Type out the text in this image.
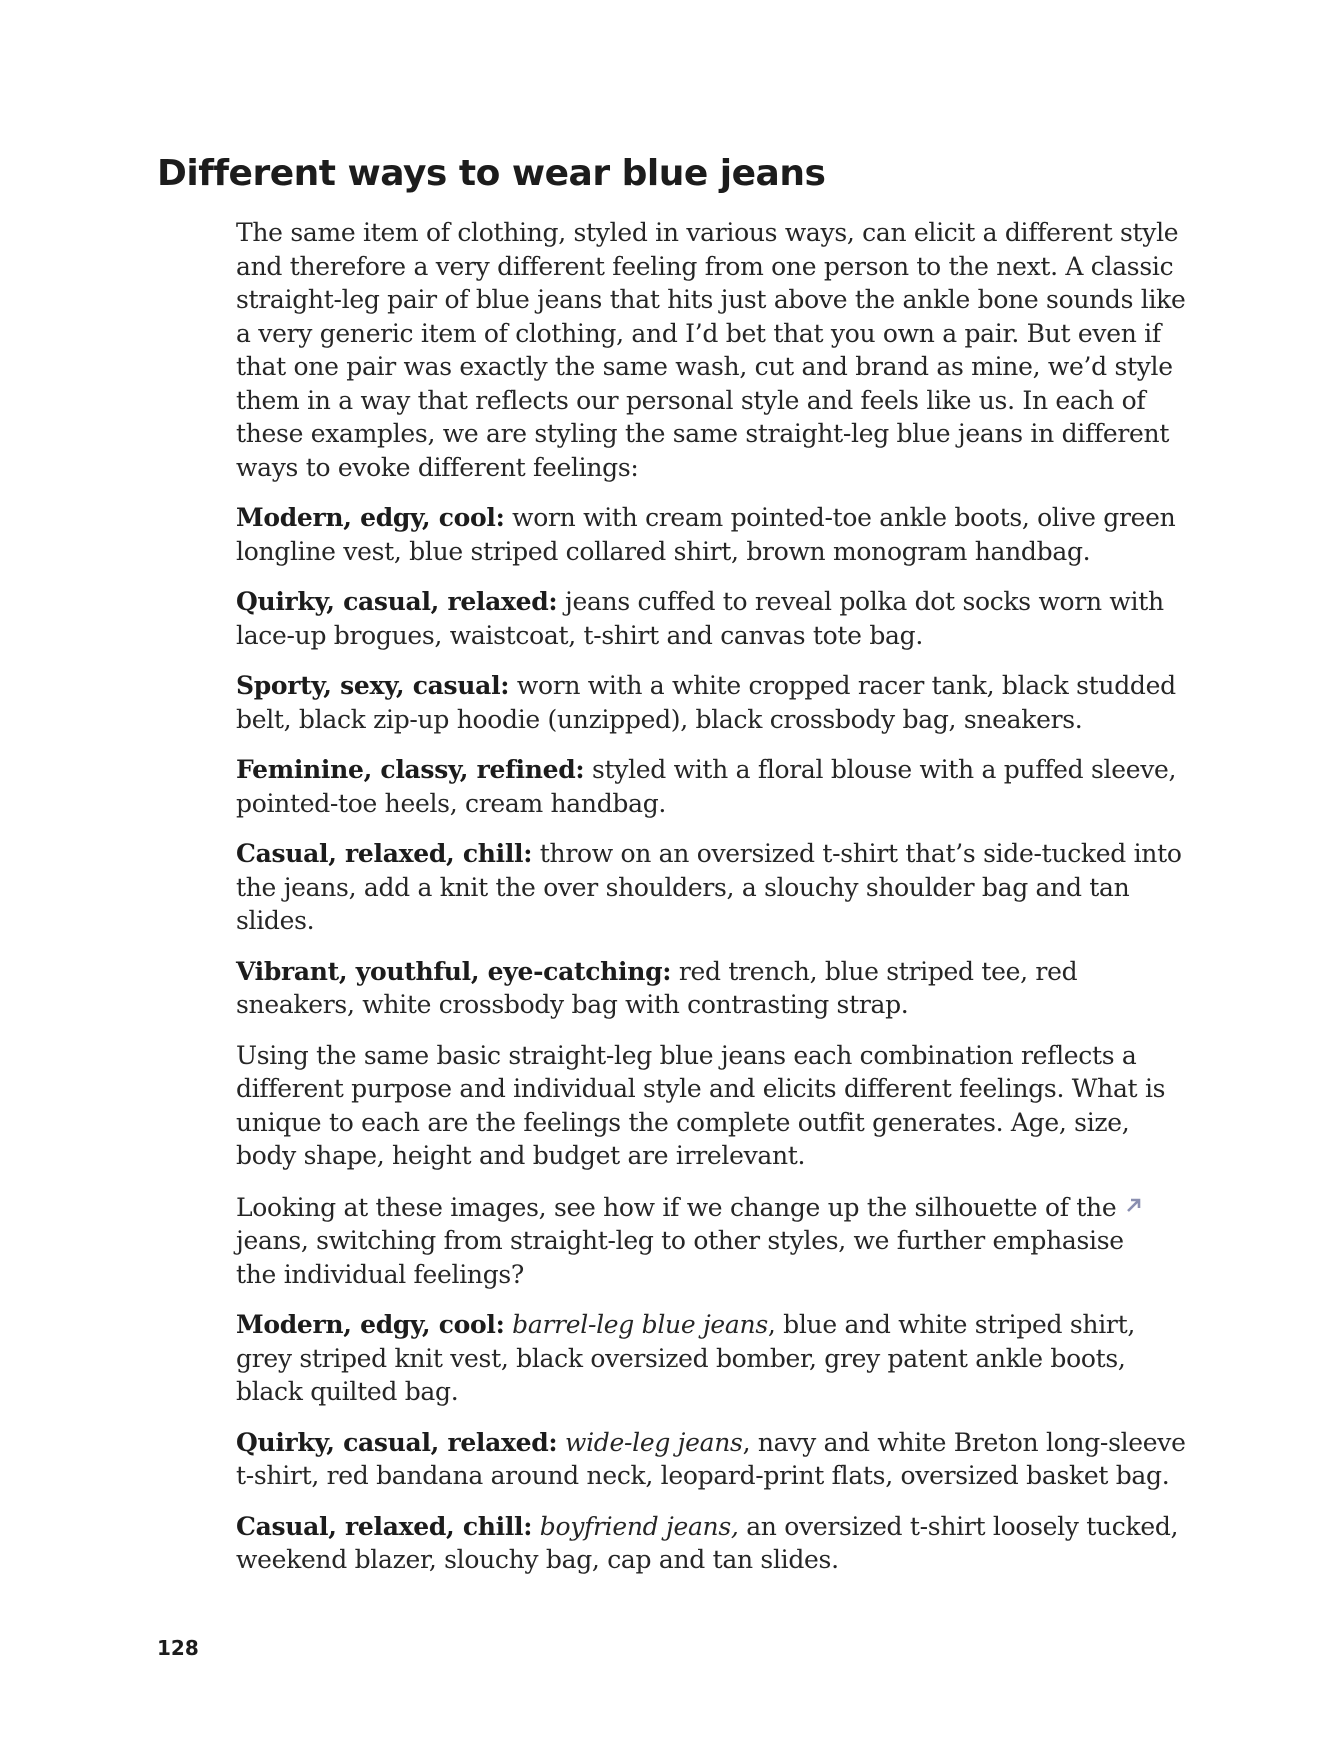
Different ways to wear blue jeans

The same item of clothing, styled in various ways, can elicit a different style and therefore a very different feeling from one person to the next. A classic straight-leg pair of blue jeans that hits just above the ankle bone sounds like a very generic item of clothing, and I’d bet that you own a pair. But even if that one pair was exactly the same wash, cut and brand as mine, we’d style them in a way that reflects our personal style and feels like us. In each of these examples, we are styling the same straight-leg blue jeans in different ways to evoke different feelings:

Modern, edgy, cool: worn with cream pointed-toe ankle boots, olive green longline vest, blue striped collared shirt, brown monogram handbag.

Quirky, casual, relaxed: jeans cuffed to reveal polka dot socks worn with lace-up brogues, waistcoat, t-shirt and canvas tote bag.

Sporty, sexy, casual: worn with a white cropped racer tank, black studded belt, black zip-up hoodie (unzipped), black crossbody bag, sneakers.

Feminine, classy, refined: styled with a floral blouse with a puffed sleeve, pointed-toe heels, cream handbag.

Casual, relaxed, chill: throw on an oversized t-shirt that’s side-tucked into the jeans, add a knit the over shoulders, a slouchy shoulder bag and tan slides.

Vibrant, youthful, eye-catching: red trench, blue striped tee, red sneakers, white crossbody bag with contrasting strap.

Using the same basic straight-leg blue jeans each combination reflects a different purpose and individual style and elicits different feelings. What is unique to each are the feelings the complete outfit generates. Age, size, body shape, height and budget are irrelevant.

Looking at these images, see how if we change up the silhouette of the
jeans, switching from straight-leg to other styles, we further emphasise
the individual feelings?

Modern, edgy, cool: barrel-leg blue jeans, blue and white striped shirt, grey striped knit vest, black oversized bomber, grey patent ankle boots, black quilted bag.

Quirky, casual, relaxed: wide-leg jeans, navy and white Breton long-sleeve t-shirt, red bandana around neck, leopard-print flats, oversized basket bag.

Casual, relaxed, chill: boyfriend jeans, an oversized t-shirt loosely tucked, weekend blazer, slouchy bag, cap and tan slides.

128
